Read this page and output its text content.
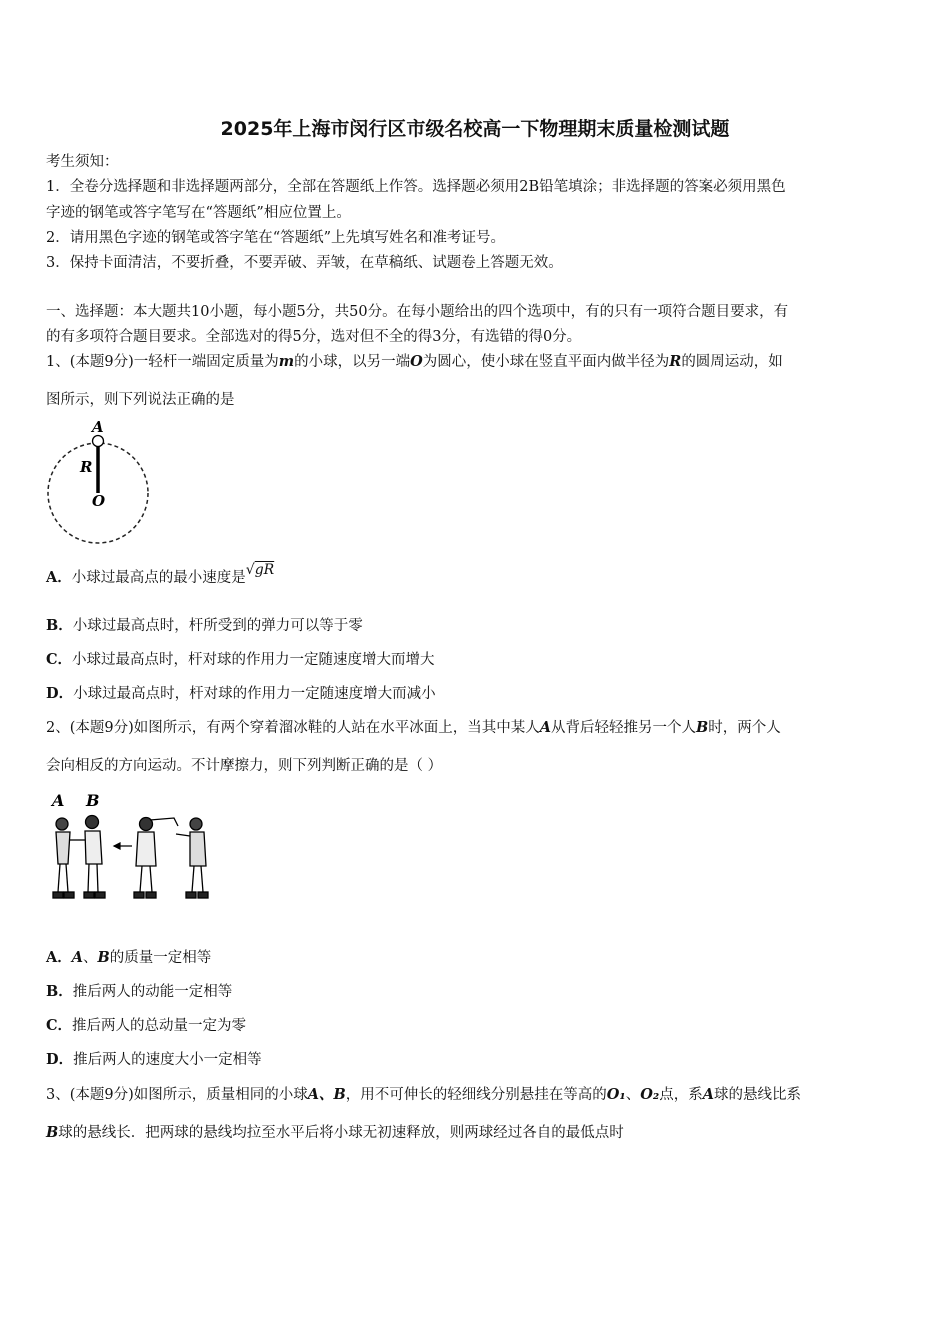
2025年上海市闵行区市级名校高一下物理期末质量检测试题
考生须知：
1．全卷分选择题和非选择题两部分，全部在答题纸上作答。选择题必须用2B铅笔填涂；非选择题的答案必须用黑色
字迹的钢笔或答字笔写在“答题纸”相应位置上。
2．请用黑色字迹的钢笔或答字笔在“答题纸”上先填写姓名和准考证号。
3．保持卡面清洁，不要折叠，不要弄破、弄皱，在草稿纸、试题卷上答题无效。
一、选择题：本大题共10小题，每小题5分，共50分。在每小题给出的四个选项中，有的只有一项符合题目要求，有
的有多项符合题目要求。全部选对的得5分，选对但不全的得3分，有选错的得0分。
1、(本题9分)一轻杆一端固定质量为m的小球，以另一端O为圆心，使小球在竖直平面内做半径为R的圆周运动，如
图所示，则下列说法正确的是
A
R
O
A．小球过最高点的最小速度是√gR
B．小球过最高点时，杆所受到的弹力可以等于零
C．小球过最高点时，杆对球的作用力一定随速度增大而增大
D．小球过最高点时，杆对球的作用力一定随速度增大而减小
2、(本题9分)如图所示，有两个穿着溜冰鞋的人站在水平冰面上，当其中某人A从背后轻轻推另一个人B时，两个人
会向相反的方向运动。不计摩擦力，则下列判断正确的是（ ）
A B
A．A、B的质量一定相等
B．推后两人的动能一定相等
C．推后两人的总动量一定为零
D．推后两人的速度大小一定相等
3、(本题9分)如图所示，质量相同的小球A、B，用不可伸长的轻细线分别悬挂在等高的O₁、O₂点，系A球的悬线比系
B球的悬线长．把两球的悬线均拉至水平后将小球无初速释放，则两球经过各自的最低点时
